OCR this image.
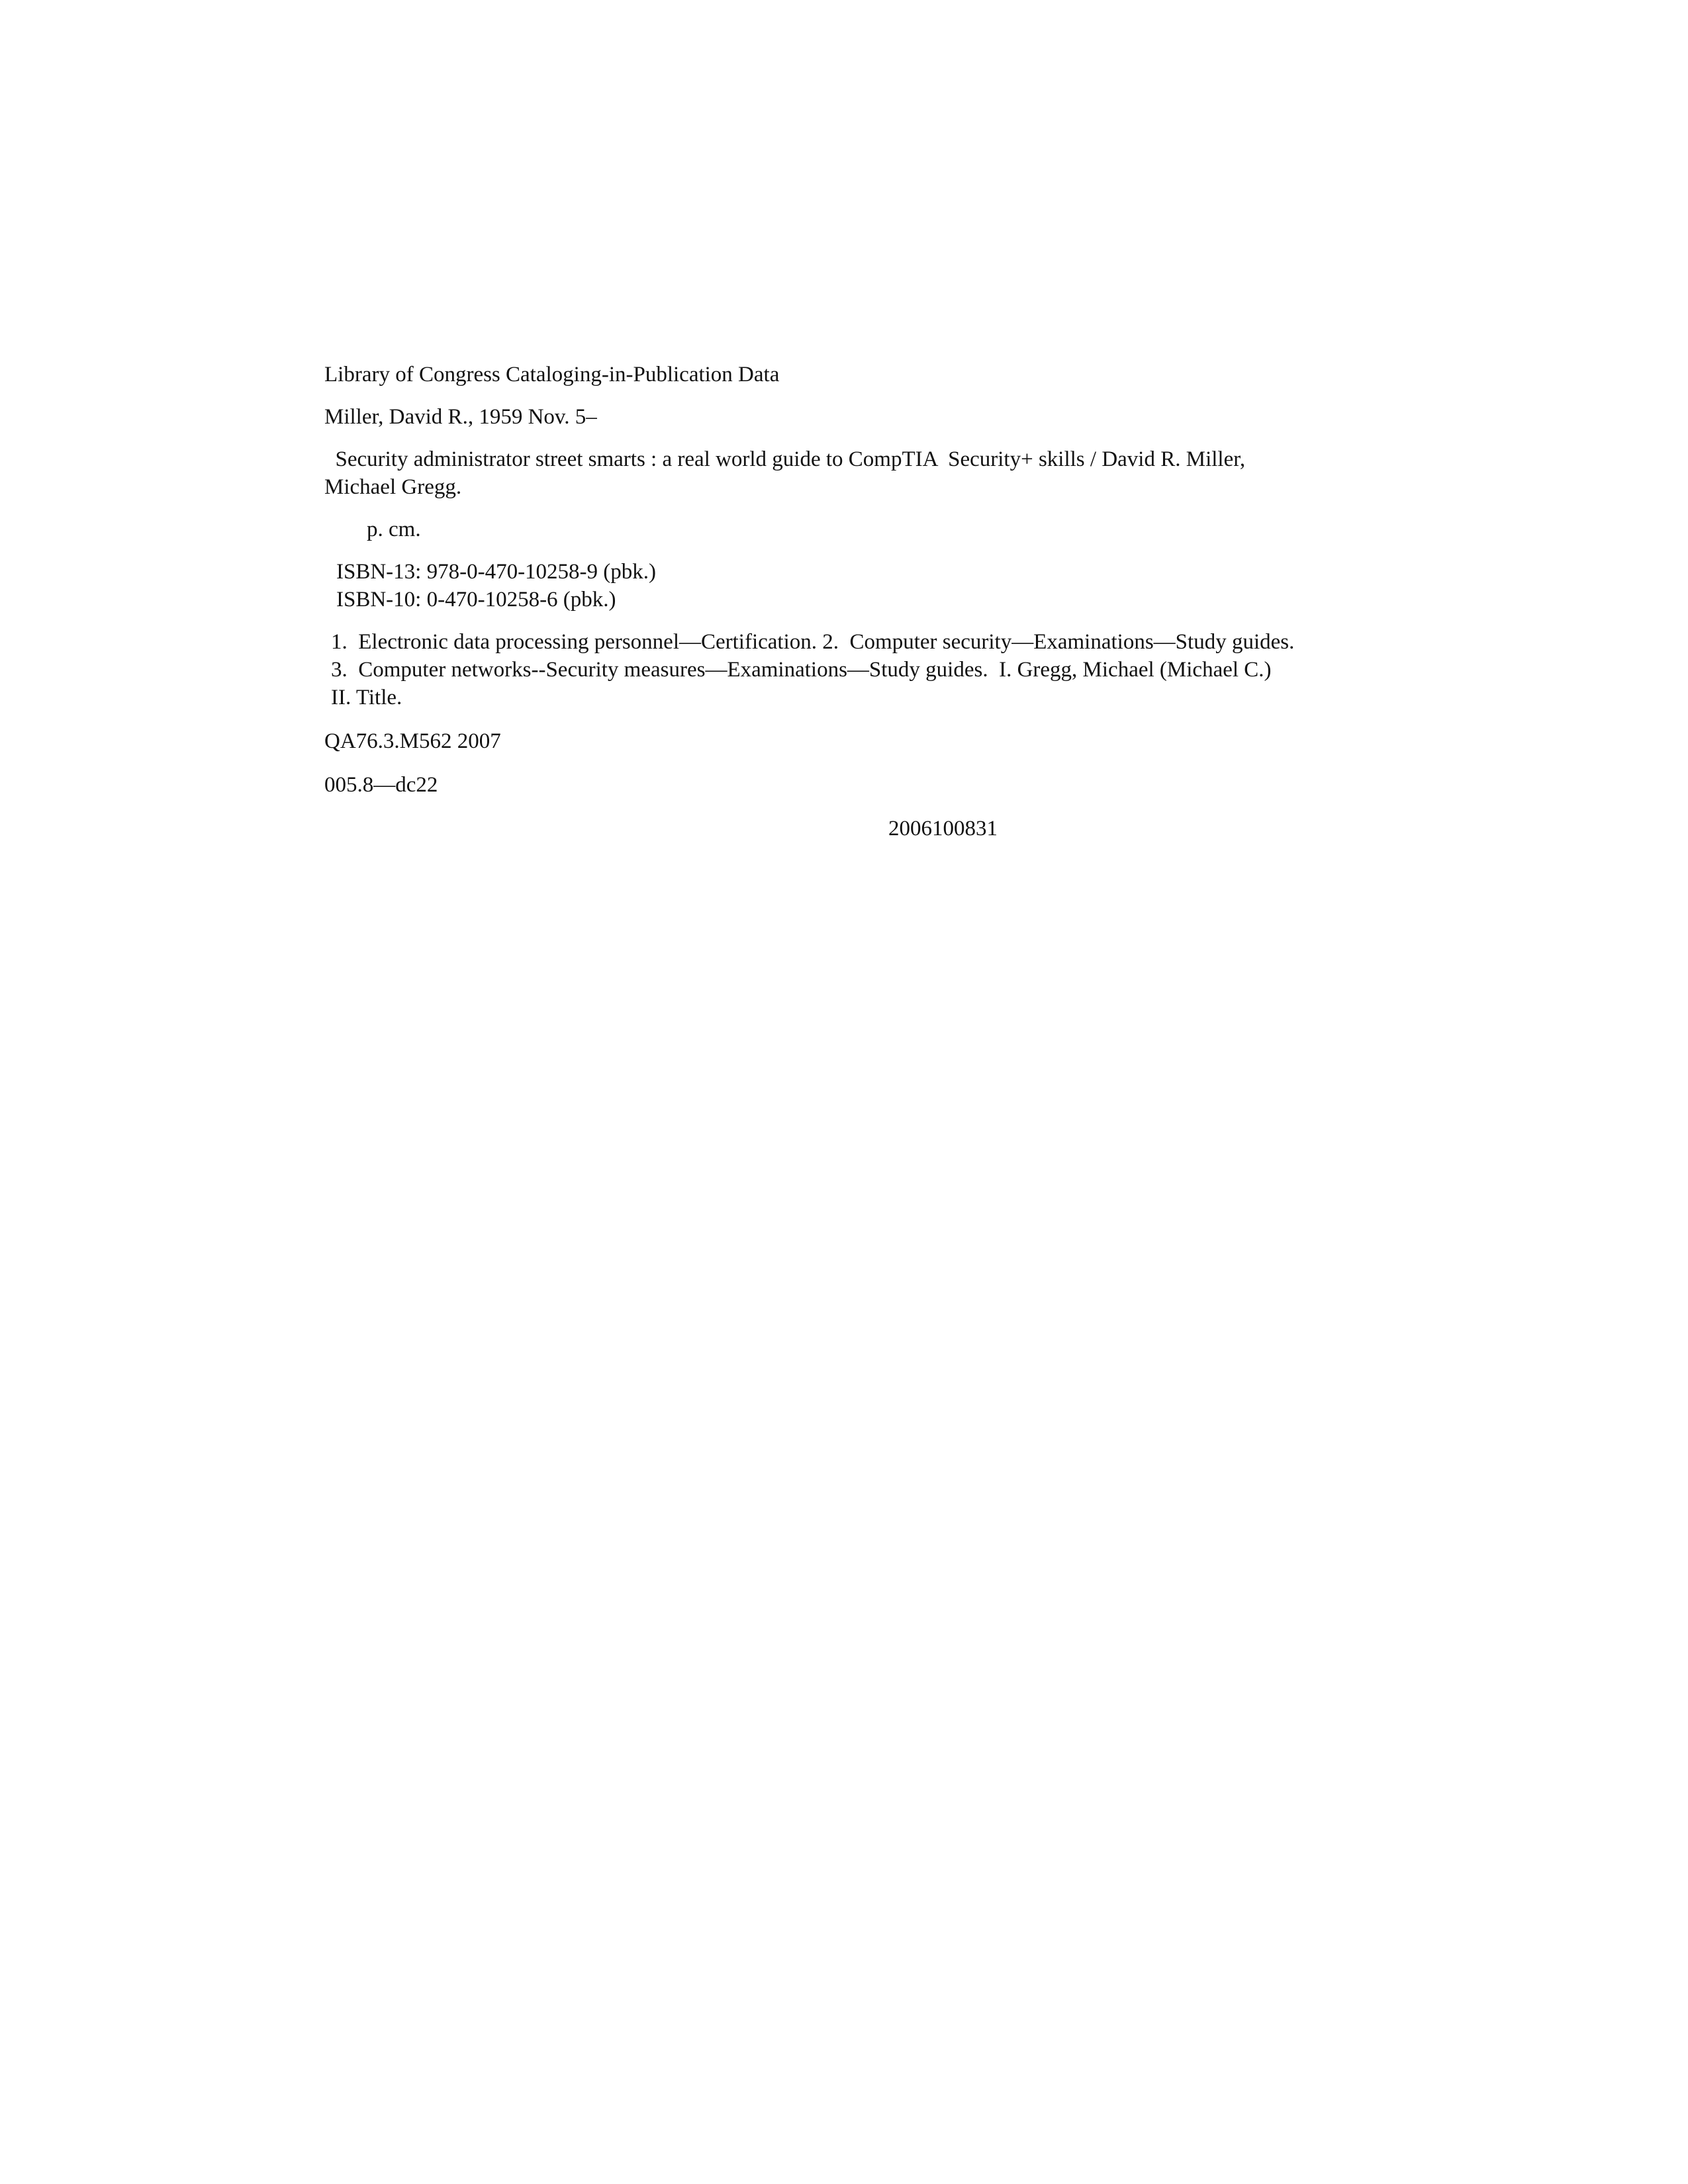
Library of Congress Cataloging-in-Publication Data

Miller, David R., 1959 Nov. 5–

Security administrator street smarts : a real world guide to CompTIA  Security+ skills / David R. Miller,

Michael Gregg.

p. cm.

ISBN-13: 978-0-470-10258-9 (pbk.)

ISBN-10: 0-470-10258-6 (pbk.)

1.  Electronic data processing personnel—Certification. 2.  Computer security—Examinations—Study guides.

3.  Computer networks--Security measures—Examinations—Study guides.  I. Gregg, Michael (Michael C.)

II. Title.

QA76.3.M562 2007

005.8—dc22

2006100831
